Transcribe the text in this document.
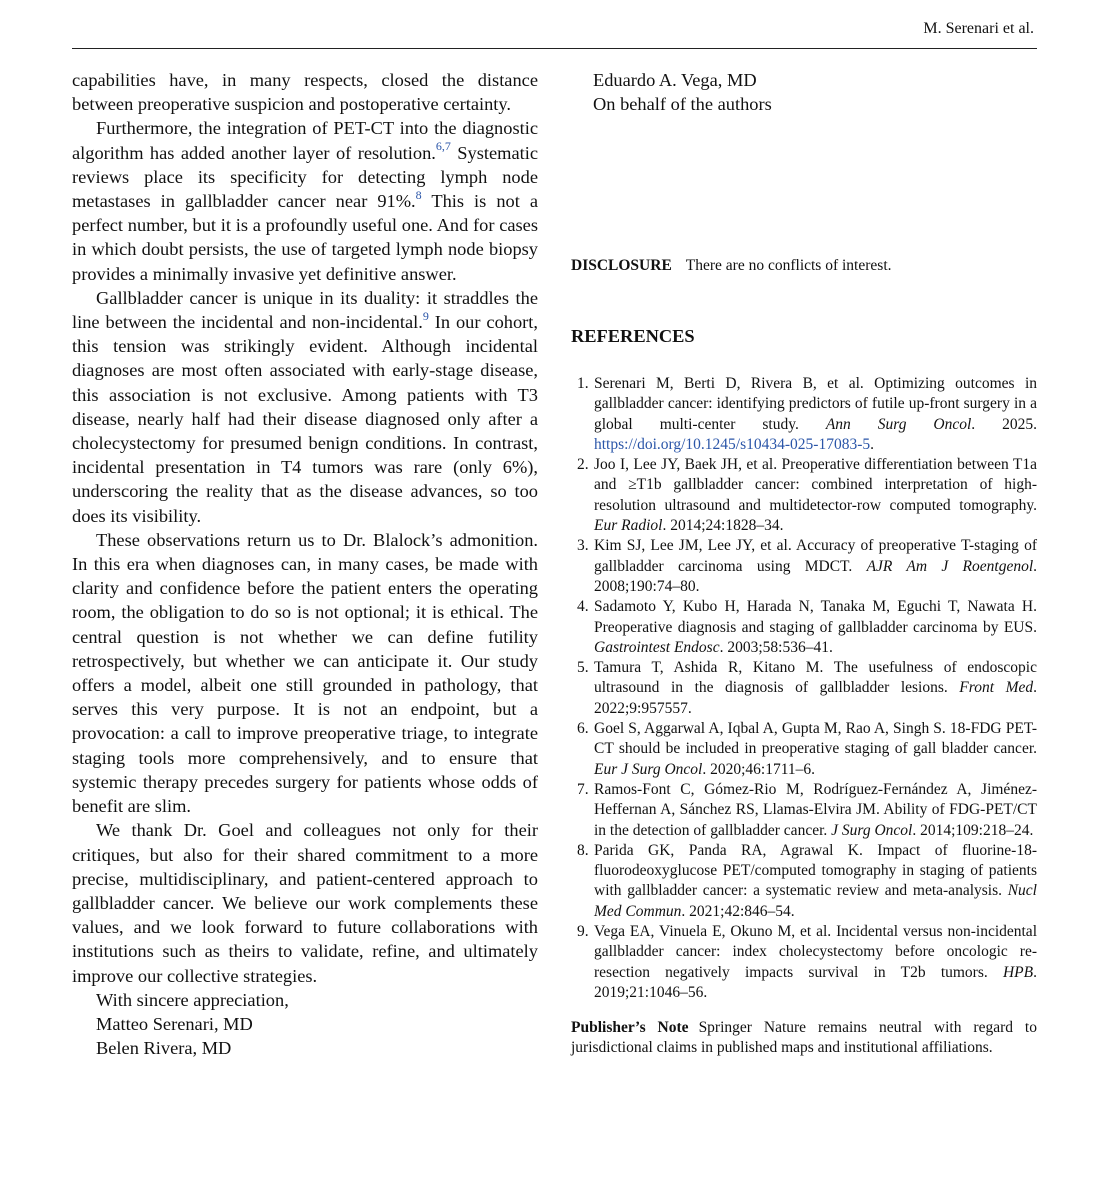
M. Serenari et al.

capabilities have, in many respects, closed the distance between preoperative suspicion and postoperative certainty.

Furthermore, the integration of PET-CT into the diagnostic algorithm has added another layer of resolution.$^{6,7}$ Systematic reviews place its specificity for detecting lymph node metastases in gallbladder cancer near 91%.$^8$ This is not a perfect number, but it is a profoundly useful one. And for cases in which doubt persists, the use of targeted lymph node biopsy provides a minimally invasive yet definitive answer.

Gallbladder cancer is unique in its duality: it straddles the line between the incidental and non-incidental.$^9$ In our cohort, this tension was strikingly evident. Although incidental diagnoses are most often associated with early-stage disease, this association is not exclusive. Among patients with T3 disease, nearly half had their disease diagnosed only after a cholecystectomy for presumed benign conditions. In contrast, incidental presentation in T4 tumors was rare (only 6%), underscoring the reality that as the disease advances, so too does its visibility.

These observations return us to Dr. Blalock’s admonition. In this era when diagnoses can, in many cases, be made with clarity and confidence before the patient enters the operating room, the obligation to do so is not optional; it is ethical. The central question is not whether we can define futility retrospectively, but whether we can anticipate it. Our study offers a model, albeit one still grounded in pathology, that serves this very purpose. It is not an endpoint, but a provocation: a call to improve preoperative triage, to integrate staging tools more comprehensively, and to ensure that systemic therapy precedes surgery for patients whose odds of benefit are slim.

We thank Dr. Goel and colleagues not only for their critiques, but also for their shared commitment to a more precise, multidisciplinary, and patient-centered approach to gallbladder cancer. We believe our work complements these values, and we look forward to future collaborations with institutions such as theirs to validate, refine, and ultimately improve our collective strategies.

With sincere appreciation,

Matteo Serenari, MD

Belen Rivera, MD

Eduardo A. Vega, MD
On behalf of the authors
DISCLOSURE There are no conflicts of interest.
REFERENCES
1. Serenari M, Berti D, Rivera B, et al. Optimizing outcomes in gallbladder cancer: identifying predictors of futile up-front surgery in a global multi-center study. Ann Surg Oncol. 2025. https://doi.org/10.1245/s10434-025-17083-5.
2. Joo I, Lee JY, Baek JH, et al. Preoperative differentiation between T1a and ≥T1b gallbladder cancer: combined interpretation of high-resolution ultrasound and multidetector-row computed tomography. Eur Radiol. 2014;24:1828–34.
3. Kim SJ, Lee JM, Lee JY, et al. Accuracy of preoperative T-staging of gallbladder carcinoma using MDCT. AJR Am J Roentgenol. 2008;190:74–80.
4. Sadamoto Y, Kubo H, Harada N, Tanaka M, Eguchi T, Nawata H. Preoperative diagnosis and staging of gallbladder carcinoma by EUS. Gastrointest Endosc. 2003;58:536–41.
5. Tamura T, Ashida R, Kitano M. The usefulness of endoscopic ultrasound in the diagnosis of gallbladder lesions. Front Med. 2022;9:957557.
6. Goel S, Aggarwal A, Iqbal A, Gupta M, Rao A, Singh S. 18-FDG PET-CT should be included in preoperative staging of gall bladder cancer. Eur J Surg Oncol. 2020;46:1711–6.
7. Ramos-Font C, Gómez-Rio M, Rodríguez-Fernández A, Jiménez-Heffernan A, Sánchez RS, Llamas-Elvira JM. Ability of FDG-PET/CT in the detection of gallbladder cancer. J Surg Oncol. 2014;109:218–24.
8. Parida GK, Panda RA, Agrawal K. Impact of fluorine-18-fluorodeoxyglucose PET/computed tomography in staging of patients with gallbladder cancer: a systematic review and meta-analysis. Nucl Med Commun. 2021;42:846–54.
9. Vega EA, Vinuela E, Okuno M, et al. Incidental versus non-incidental gallbladder cancer: index cholecystectomy before oncologic re-resection negatively impacts survival in T2b tumors. HPB. 2019;21:1046–56.
Publisher’s Note Springer Nature remains neutral with regard to jurisdictional claims in published maps and institutional affiliations.
